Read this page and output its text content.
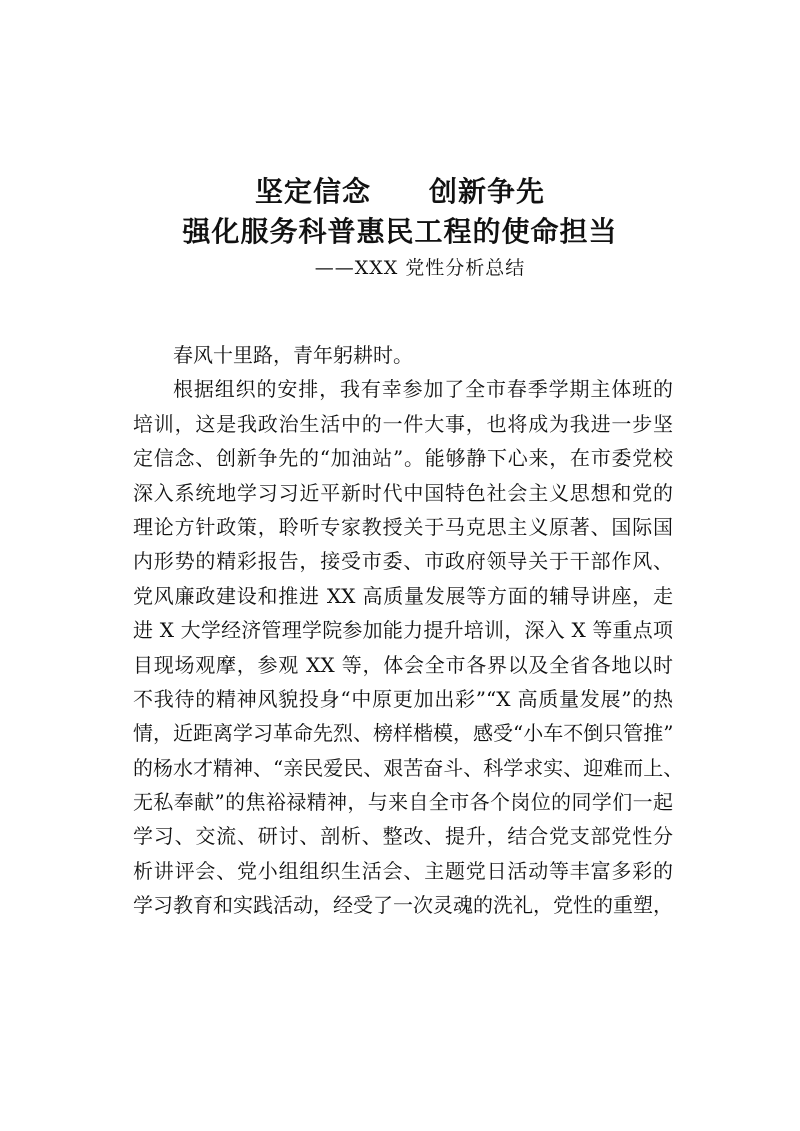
坚定信念　　创新争先
强化服务科普惠民工程的使命担当
——XXX 党性分析总结
春风十里路，青年躬耕时。
根据组织的安排，我有幸参加了全市春季学期主体班的
培训，这是我政治生活中的一件大事，也将成为我进一步坚
定信念、创新争先的“加油站”。能够静下心来，在市委党校
深入系统地学习习近平新时代中国特色社会主义思想和党的
理论方针政策，聆听专家教授关于马克思主义原著、国际国
内形势的精彩报告，接受市委、市政府领导关于干部作风、
党风廉政建设和推进 XX 高质量发展等方面的辅导讲座，走
进 X 大学经济管理学院参加能力提升培训，深入 X 等重点项
目现场观摩，参观 XX 等，体会全市各界以及全省各地以时
不我待的精神风貌投身“中原更加出彩”“X 高质量发展”的热
情，近距离学习革命先烈、榜样楷模，感受“小车不倒只管推”
的杨水才精神、“亲民爱民、艰苦奋斗、科学求实、迎难而上、
无私奉献”的焦裕禄精神，与来自全市各个岗位的同学们一起
学习、交流、研讨、剖析、整改、提升，结合党支部党性分
析讲评会、党小组组织生活会、主题党日活动等丰富多彩的
学习教育和实践活动，经受了一次灵魂的洗礼，党性的重塑，
